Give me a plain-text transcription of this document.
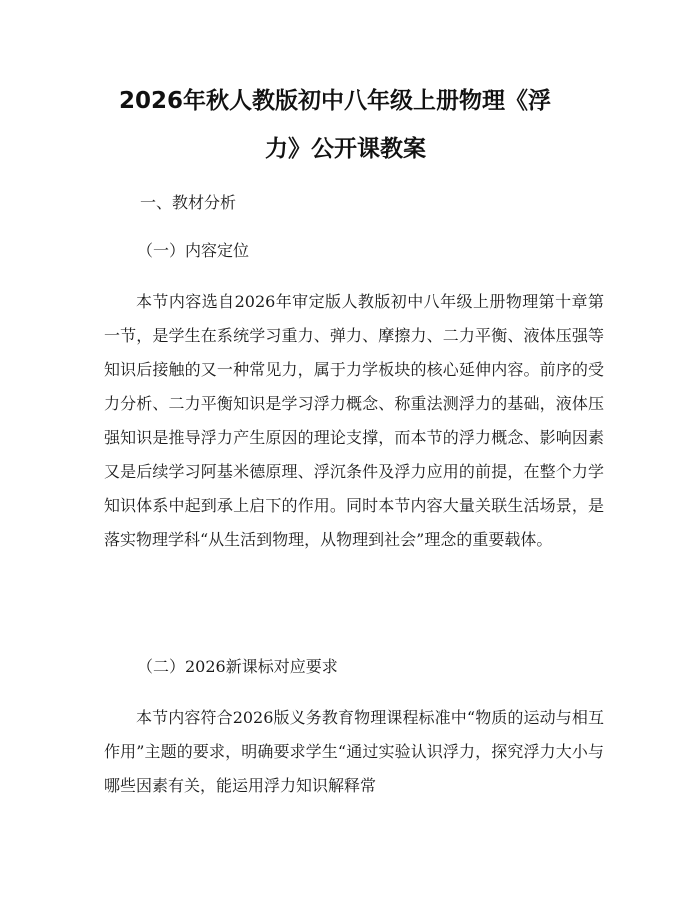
2026年秋人教版初中八年级上册物理《浮
力》公开课教案
一、教材分析
（一）内容定位

本节内容选自2026年审定版人教版初中八年级上册物理第十章第一节，是学生在系统学习重力、弹力、摩擦力、二力平衡、液体压强等知识后接触的又一种常见力，属于力学板块的核心延伸内容。前序的受力分析、二力平衡知识是学习浮力概念、称重法测浮力的基础，液体压强知识是推导浮力产生原因的理论支撑，而本节的浮力概念、影响因素又是后续学习阿基米德原理、浮沉条件及浮力应用的前提，在整个力学知识体系中起到承上启下的作用。同时本节内容大量关联生活场景，是落实物理学科“从生活到物理，从物理到社会”理念的重要载体。

（二）2026新课标对应要求

本节内容符合2026版义务教育物理课程标准中“物质的运动与相互作用”主题的要求，明确要求学生“通过实验认识浮力，探究浮力大小与哪些因素有关，能运用浮力知识解释常
